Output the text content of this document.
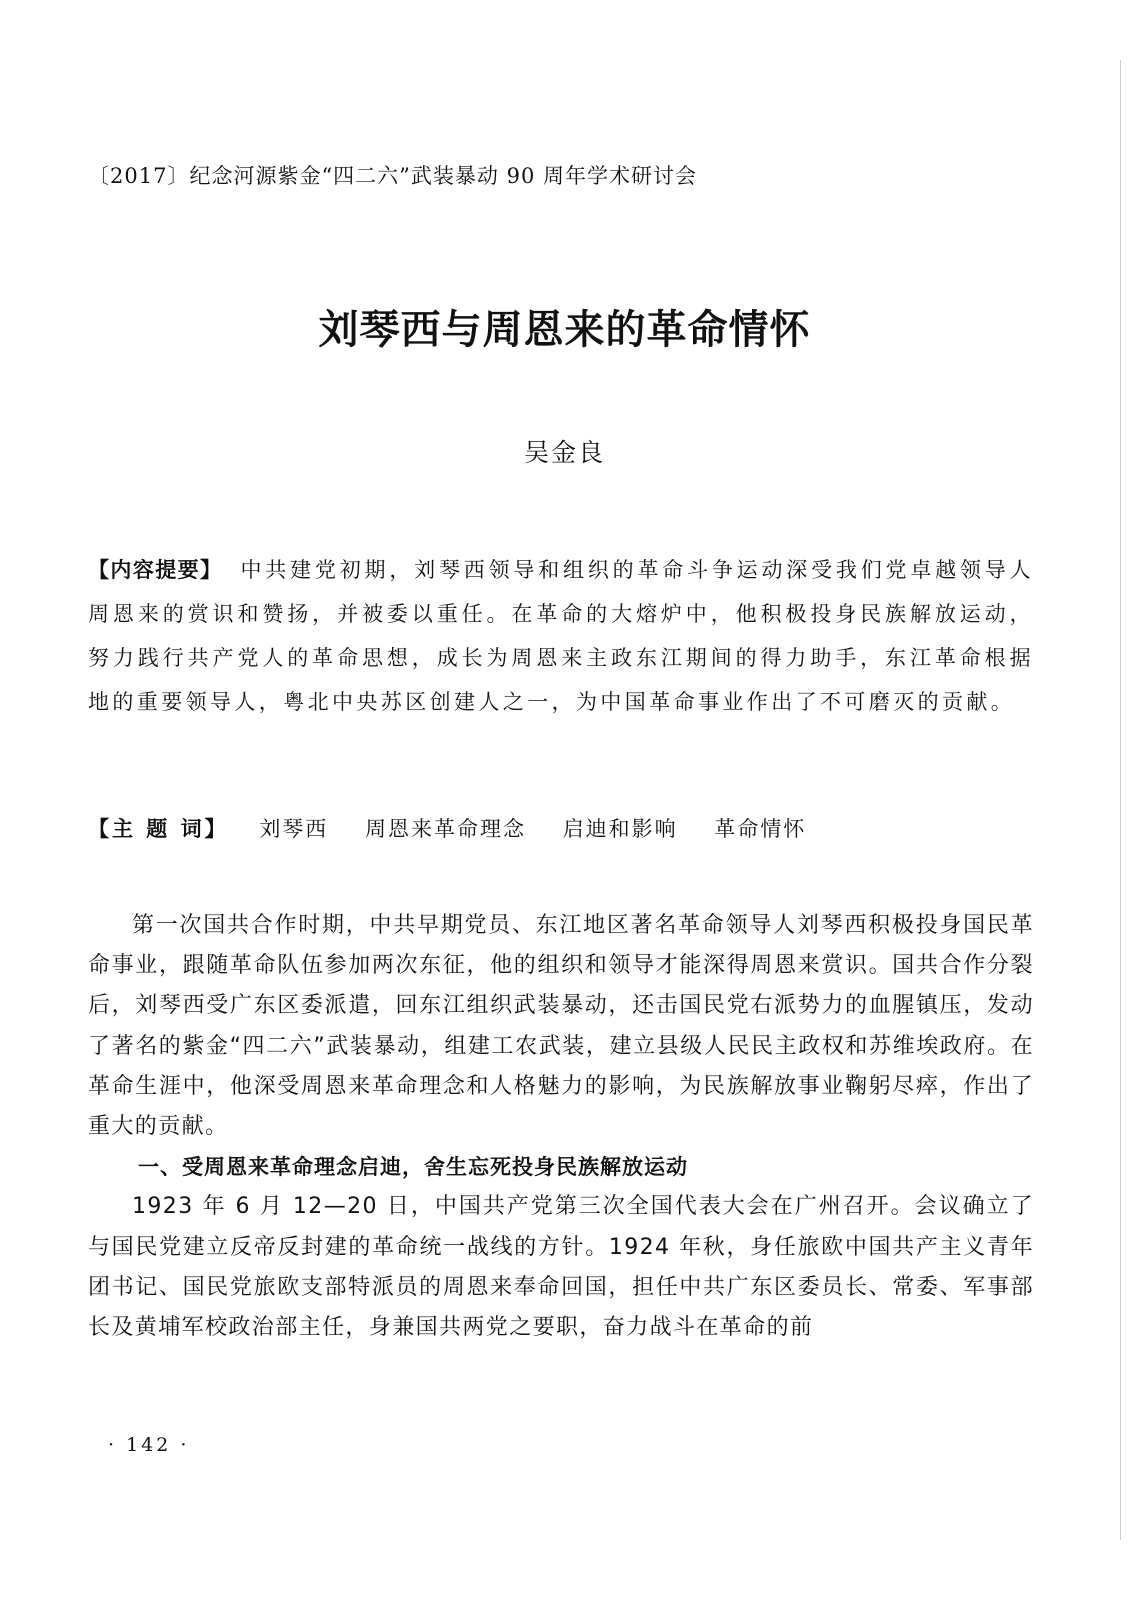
〔2017〕纪念河源紫金“四二六”武装暴动 90 周年学术研讨会
刘琴西与周恩来的革命情怀
吴金良
【内容提要】 中共建党初期，刘琴西领导和组织的革命斗争运动深受我们党卓越领导人周恩来的赏识和赞扬，并被委以重任。在革命的大熔炉中，他积极投身民族解放运动，努力践行共产党人的革命思想，成长为周恩来主政东江期间的得力助手，东江革命根据地的重要领导人，粤北中央苏区创建人之一，为中国革命事业作出了不可磨灭的贡献。
【主 题 词】 刘琴西 周恩来革命理念 启迪和影响 革命情怀

第一次国共合作时期，中共早期党员、东江地区著名革命领导人刘琴西积极投身国民革命事业，跟随革命队伍参加两次东征，他的组织和领导才能深得周恩来赏识。国共合作分裂后，刘琴西受广东区委派遣，回东江组织武装暴动，还击国民党右派势力的血腥镇压，发动了著名的紫金“四二六”武装暴动，组建工农武装，建立县级人民民主政权和苏维埃政府。在革命生涯中，他深受周恩来革命理念和人格魅力的影响，为民族解放事业鞠躬尽瘁，作出了重大的贡献。

一、受周恩来革命理念启迪，舍生忘死投身民族解放运动

1923 年 6 月 12—20 日，中国共产党第三次全国代表大会在广州召开。会议确立了与国民党建立反帝反封建的革命统一战线的方针。1924 年秋，身任旅欧中国共产主义青年团书记、国民党旅欧支部特派员的周恩来奉命回国，担任中共广东区委员长、常委、军事部长及黄埔军校政治部主任，身兼国共两党之要职，奋力战斗在革命的前

· 142 ·
